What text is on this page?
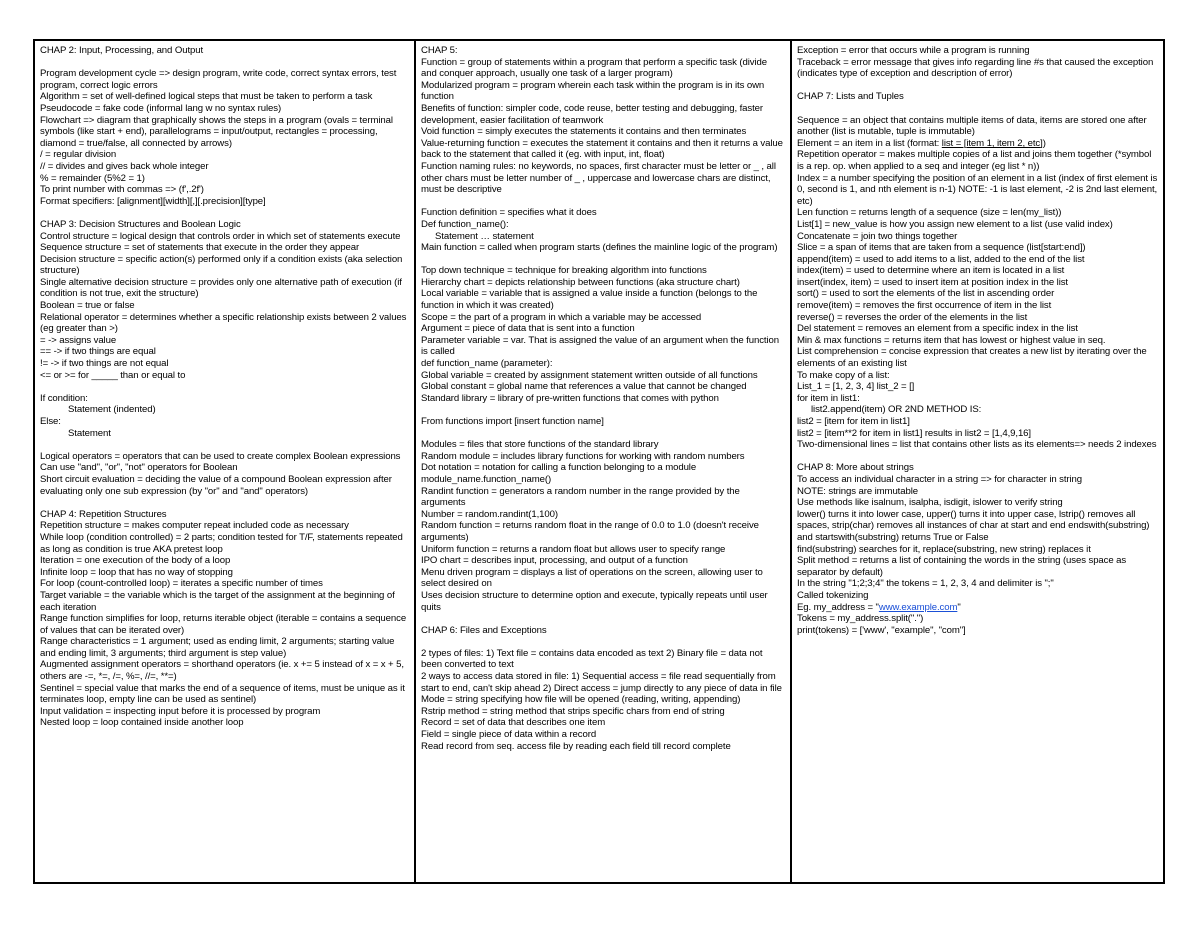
CHAP 2: Input, Processing, and Output
Program development cycle => design program, write code, correct syntax errors, test program, correct logic errors
Algorithm = set of well-defined logical steps that must be taken to perform a task
Pseudocode = fake code (informal lang w no syntax rules)
Flowchart => diagram that graphically shows the steps in a program (ovals = terminal symbols (like start + end), parallelograms = input/output, rectangles = processing, diamond = true/false, all connected by arrows)
/ = regular division
// = divides and gives back whole integer
% = remainder (5%2 = 1)
To print number with commas => (f',.2f')
Format specifiers: [alignment][width][,][.precision][type]
CHAP 3: Decision Structures and Boolean Logic
Control structure = logical design that controls order in which set of statements execute
Sequence structure = set of statements that execute in the order they appear
Decision structure = specific action(s) performed only if a condition exists (aka selection structure)
Single alternative decision structure = provides only one alternative path of execution (if condition is not true, exit the structure)
Boolean = true or false
Relational operator = determines whether a specific relationship exists between 2 values (eg greater than >)
= -> assigns value
== -> if two things are equal
!= -> if two things are not equal
<= or >= for _____ than or equal to
If condition:
Statement (indented)
Else:
Statement
Logical operators = operators that can be used to create complex Boolean expressions
Can use "and", "or", "not" operators for Boolean
Short circuit evaluation = deciding the value of a compound Boolean expression after evaluating only one sub expression (by "or" and "and" operators)
CHAP 4: Repetition Structures
Repetition structure = makes computer repeat included code as necessary
While loop (condition controlled) = 2 parts; condition tested for T/F, statements repeated as long as condition is true AKA pretest loop
Iteration = one execution of the body of a loop
Infinite loop = loop that has no way of stopping
For loop (count-controlled loop) = iterates a specific number of times
Target variable = the variable which is the target of the assignment at the beginning of each iteration
Range function simplifies for loop, returns iterable object (iterable = contains a sequence of values that can be iterated over)
Range characteristics = 1 argument; used as ending limit, 2 arguments; starting value and ending limit, 3 arguments; third argument is step value)
Augmented assignment operators = shorthand operators (ie. x += 5 instead of x = x + 5, others are -=, *=, /=, %=, //=, **=)
Sentinel = special value that marks the end of a sequence of items, must be unique as it terminates loop, empty line can be used as sentinel)
Input validation = inspecting input before it is processed by program
Nested loop = loop contained inside another loop
CHAP 5:
Function = group of statements within a program that perform a specific task (divide and conquer approach, usually one task of a larger program)
Modularized program = program wherein each task within the program is in its own function
Benefits of function: simpler code, code reuse, better testing and debugging, faster development, easier facilitation of teamwork
Void function = simply executes the statements it contains and then terminates
Value-returning function = executes the statement it contains and then it returns a value back to the statement that called it (eg. with input, int, float)
Function naming rules: no keywords, no spaces, first character must be letter or _ , all other chars must be letter number of _ , uppercase and lowercase chars are distinct, must be descriptive
Function definition = specifies what it does
Def function_name():
Statement … statement
Main function = called when program starts (defines the mainline logic of the program)
Top down technique = technique for breaking algorithm into functions
Hierarchy chart = depicts relationship between functions (aka structure chart)
Local variable = variable that is assigned a value inside a function (belongs to the function in which it was created)
Scope = the part of a program in which a variable may be accessed
Argument = piece of data that is sent into a function
Parameter variable = var. That is assigned the value of an argument when the function is called
def function_name (parameter):
Global variable = created by assignment statement written outside of all functions
Global constant = global name that references a value that cannot be changed
Standard library = library of pre-written functions that comes with python
From functions import [insert function name]
Modules = files that store functions of the standard library
Random module = includes library functions for working with random numbers
Dot notation = notation for calling a function belonging to a module module_name.function_name()
Randint function = generators a random number in the range provided by the arguments
Number = random.randint(1,100)
Random function = returns random float in the range of 0.0 to 1.0 (doesn't receive arguments)
Uniform function = returns a random float but allows user to specify range
IPO chart = describes input, processing, and output of a function
Menu driven program = displays a list of operations on the screen, allowing user to select desired on
Uses decision structure to determine option and execute, typically repeats until user quits
CHAP 6: Files and Exceptions
2 types of files: 1) Text file = contains data encoded as text 2) Binary file = data not been converted to text
2 ways to access data stored in file: 1) Sequential access = file read sequentially from start to end, can't skip ahead 2) Direct access = jump directly to any piece of data in file
Mode = string specifying how file will be opened (reading, writing, appending)
Rstrip method = string method that strips specific chars from end of string
Record = set of data that describes one item
Field = single piece of data within a record
Read record from seq. access file by reading each field till record complete
Exception = error that occurs while a program is running
Traceback = error message that gives info regarding line #s that caused the exception (indicates type of exception and description of error)
CHAP 7: Lists and Tuples
Sequence = an object that contains multiple items of data, items are stored one after another (list is mutable, tuple is immutable)
Element = an item in a list (format: list = [item 1, item 2, etc])
Repetition operator = makes multiple copies of a list and joins them together (*symbol is a rep. op. when applied to a seq and integer (eg list * n))
Index = a number specifying the position of an element in a list (index of first element is 0, second is 1, and nth element is n-1) NOTE: -1 is last element, -2 is 2nd last element, etc)
Len function = returns length of a sequence (size = len(my_list))
List[1] = new_value is how you assign new element to a list (use valid index)
Concatenate = join two things together
Slice = a span of items that are taken from a sequence (list[start:end])
append(item) = used to add items to a list, added to the end of the list
index(item) = used to determine where an item is located in a list
insert(index, item) = used to insert item at position index in the list
sort() = used to sort the elements of the list in ascending order
remove(item) = removes the first occurrence of item in the list
reverse() = reverses the order of the elements in the list
Del statement = removes an element from a specific index in the list
Min & max functions = returns item that has lowest or highest value in seq.
List comprehension = concise expression that creates a new list by iterating over the elements of an existing list
To make copy of a list:
List_1 = [1, 2, 3, 4] list_2 = []
for item in list1:
list2.append(item) OR 2ND METHOD IS:
list2 = [item for item in list1]
list2 = [item**2 for item in list1] results in list2 = [1,4,9,16]
Two-dimensional lines = list that contains other lists as its elements=> needs 2 indexes
CHAP 8: More about strings
To access an individual character in a string => for character in string
NOTE: strings are immutable
Use methods like isalnum, isalpha, isdigit, islower to verify string
lower() turns it into lower case, upper() turns it into upper case, lstrip() removes all spaces, strip(char) removes all instances of char at start and end endswith(substring) and startswith(substring) returns True or False
find(substring) searches for it, replace(substring, new string) replaces it
Split method = returns a list of containing the words in the string (uses space as separator by default)
In the string "1;2;3;4" the tokens = 1, 2, 3, 4 and delimiter is ";"
Called tokenizing
Eg. my_address = "www.example.com"
Tokens = my_address.split(".")
print(tokens) = ['www', "example", "com"]
